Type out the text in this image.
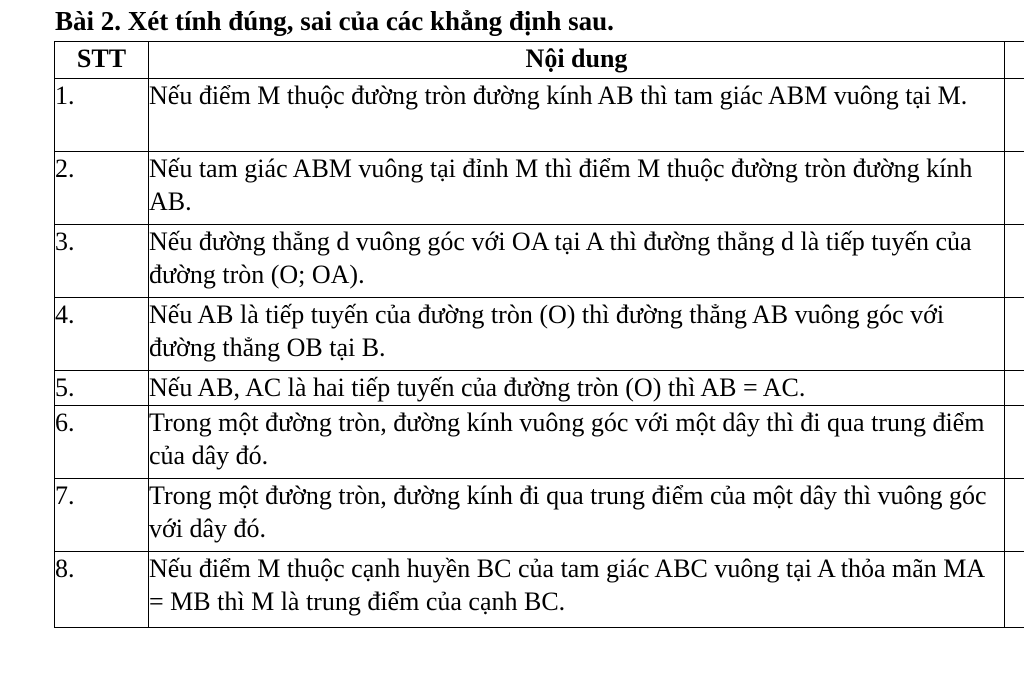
Bài 2. Xét tính đúng, sai của các khẳng định sau.
STT	Nội dung	
1.	Nếu điểm M thuộc đường tròn đường kính AB thì tam giác ABM vuông tại M.	
2.	Nếu tam giác ABM vuông tại đỉnh M thì điểm M thuộc đường tròn đường kính AB.	
3.	Nếu đường thẳng d vuông góc với OA tại A thì đường thẳng d là tiếp tuyến của đường tròn (O; OA).	
4.	Nếu AB là tiếp tuyến của đường tròn (O) thì đường thẳng AB vuông góc với đường thẳng OB tại B.	
5.	Nếu AB, AC là hai tiếp tuyến của đường tròn (O) thì AB = AC.	
6.	Trong một đường tròn, đường kính vuông góc với một dây thì đi qua trung điểm của dây đó.	
7.	Trong một đường tròn, đường kính đi qua trung điểm của một dây thì vuông góc với dây đó.	
8.	Nếu điểm M thuộc cạnh huyền BC của tam giác ABC vuông tại A thỏa mãn MA = MB thì M là trung điểm của cạnh BC.	
